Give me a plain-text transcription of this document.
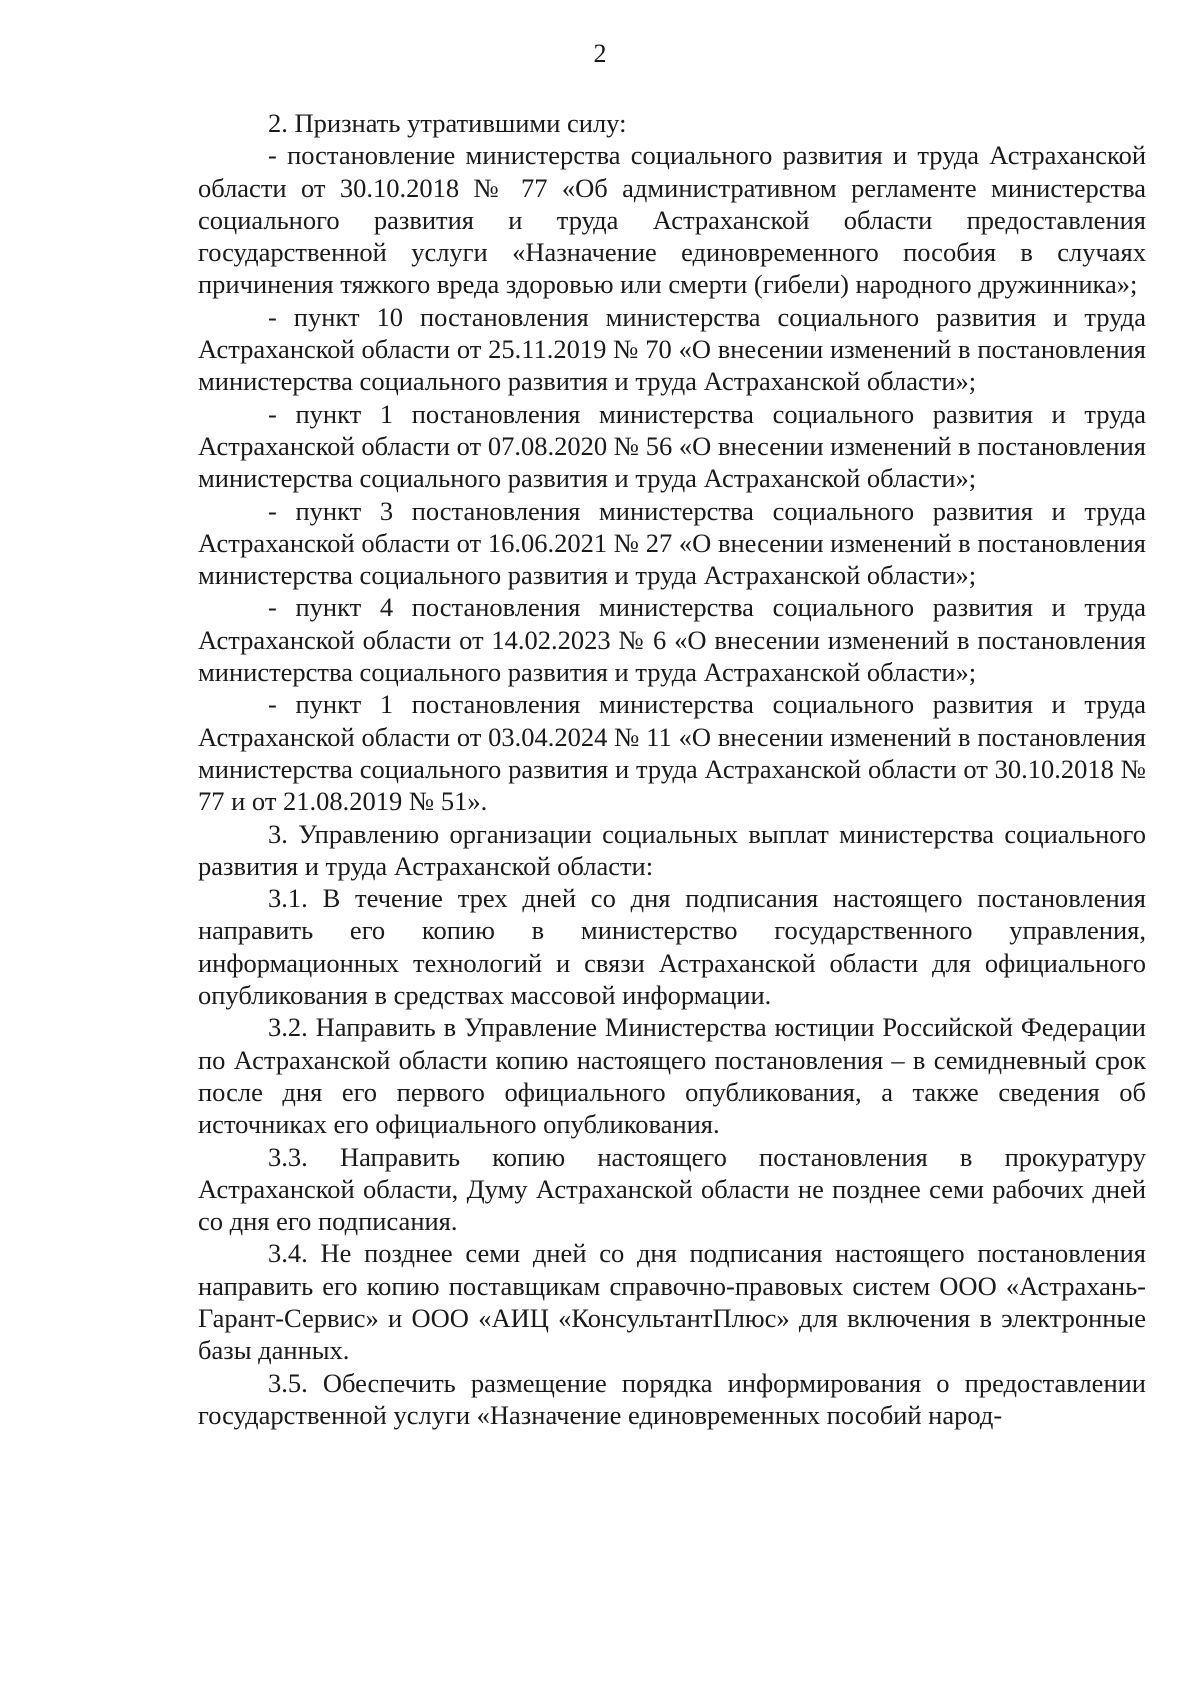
2

2. Признать утратившими силу:

- постановление министерства социального развития и труда Астраханской области от 30.10.2018 № 77 «Об административном регламенте министерства социального развития и труда Астраханской области предоставления государственной услуги «Назначение единовременного пособия в случаях причинения тяжкого вреда здоровью или смерти (гибели) народного дружинника»;

- пункт 10 постановления министерства социального развития и труда Астраханской области от 25.11.2019 № 70 «О внесении изменений в постановления министерства социального развития и труда Астраханской области»;

- пункт 1 постановления министерства социального развития и труда Астраханской области от 07.08.2020 № 56 «О внесении изменений в постановления министерства социального развития и труда Астраханской области»;

- пункт 3 постановления министерства социального развития и труда Астраханской области от 16.06.2021 № 27 «О внесении изменений в постановления министерства социального развития и труда Астраханской области»;

- пункт 4 постановления министерства социального развития и труда Астраханской области от 14.02.2023 № 6 «О внесении изменений в постановления министерства социального развития и труда Астраханской области»;

- пункт 1 постановления министерства социального развития и труда Астраханской области от 03.04.2024 № 11 «О внесении изменений в постановления министерства социального развития и труда Астраханской области от 30.10.2018 № 77 и от 21.08.2019 № 51».

3. Управлению организации социальных выплат министерства социального развития и труда Астраханской области:

3.1. В течение трех дней со дня подписания настоящего постановления направить его копию в министерство государственного управления, информационных технологий и связи Астраханской области для официального опубликования в средствах массовой информации.

3.2. Направить в Управление Министерства юстиции Российской Федерации по Астраханской области копию настоящего постановления – в семидневный срок после дня его первого официального опубликования, а также сведения об источниках его официального опубликования.

3.3. Направить копию настоящего постановления в прокуратуру Астраханской области, Думу Астраханской области не позднее семи рабочих дней со дня его подписания.

3.4. Не позднее семи дней со дня подписания настоящего постановления направить его копию поставщикам справочно-правовых систем ООО «Астрахань-Гарант-Сервис» и ООО «АИЦ «КонсультантПлюс» для включения в электронные базы данных.

3.5. Обеспечить размещение порядка информирования о предоставлении государственной услуги «Назначение единовременных пособий народ-
